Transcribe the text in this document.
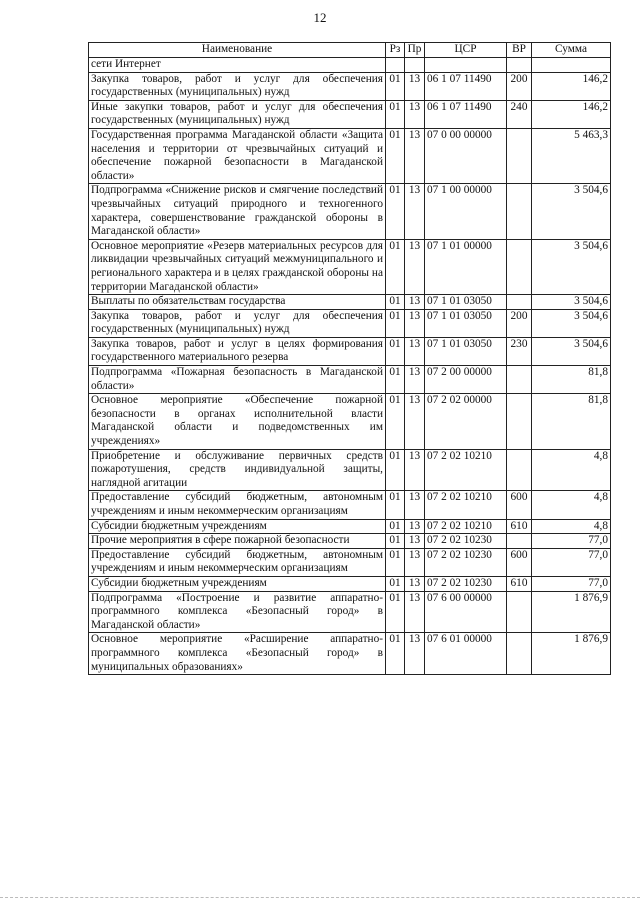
12
Наименование	Рз	Пр	ЦСР	ВР	Сумма
сети Интернет					
Закупка товаров, работ и услуг для обеспечения государственных (муниципальных) нужд	01	13	06 1 07 11490	200	146,2
Иные закупки товаров, работ и услуг для обеспечения государственных (муниципальных) нужд	01	13	06 1 07 11490	240	146,2
Государственная программа Магаданской области «Защита населения и территории от чрезвычайных ситуаций и обеспечение пожарной безопасности в Магаданской области»	01	13	07 0 00 00000		5 463,3
Подпрограмма «Снижение рисков и смягчение последствий чрезвычайных ситуаций природного и техногенного характера, совершенствование гражданской обороны в Магаданской области»	01	13	07 1 00 00000		3 504,6
Основное мероприятие «Резерв материальных ресурсов для ликвидации чрезвычайных ситуаций межмуниципального и регионального характера и в целях гражданской обороны на территории Магаданской области»	01	13	07 1 01 00000		3 504,6
Выплаты по обязательствам государства	01	13	07 1 01 03050		3 504,6
Закупка товаров, работ и услуг для обеспечения государственных (муниципальных) нужд	01	13	07 1 01 03050	200	3 504,6
Закупка товаров, работ и услуг в целях формирования государственного материального резерва	01	13	07 1 01 03050	230	3 504,6
Подпрограмма «Пожарная безопасность в Магаданской области»	01	13	07 2 00 00000		81,8
Основное мероприятие «Обеспечение пожарной безопасности в органах исполнительной власти Магаданской области и подведомственных им учреждениях»	01	13	07 2 02 00000		81,8
Приобретение и обслуживание первичных средств пожаротушения, средств индивидуальной защиты, наглядной агитации	01	13	07 2 02 10210		4,8
Предоставление субсидий бюджетным, автономным учреждениям и иным некоммерческим организациям	01	13	07 2 02 10210	600	4,8
Субсидии бюджетным учреждениям	01	13	07 2 02 10210	610	4,8
Прочие мероприятия в сфере пожарной безопасности	01	13	07 2 02 10230		77,0
Предоставление субсидий бюджетным, автономным учреждениям и иным некоммерческим организациям	01	13	07 2 02 10230	600	77,0
Субсидии бюджетным учреждениям	01	13	07 2 02 10230	610	77,0
Подпрограмма «Построение и развитие аппаратно-программного комплекса «Безопасный город» в Магаданской области»	01	13	07 6 00 00000		1 876,9
Основное мероприятие «Расширение аппаратно-программного комплекса «Безопасный город» в муниципальных образованиях»	01	13	07 6 01 00000		1 876,9
